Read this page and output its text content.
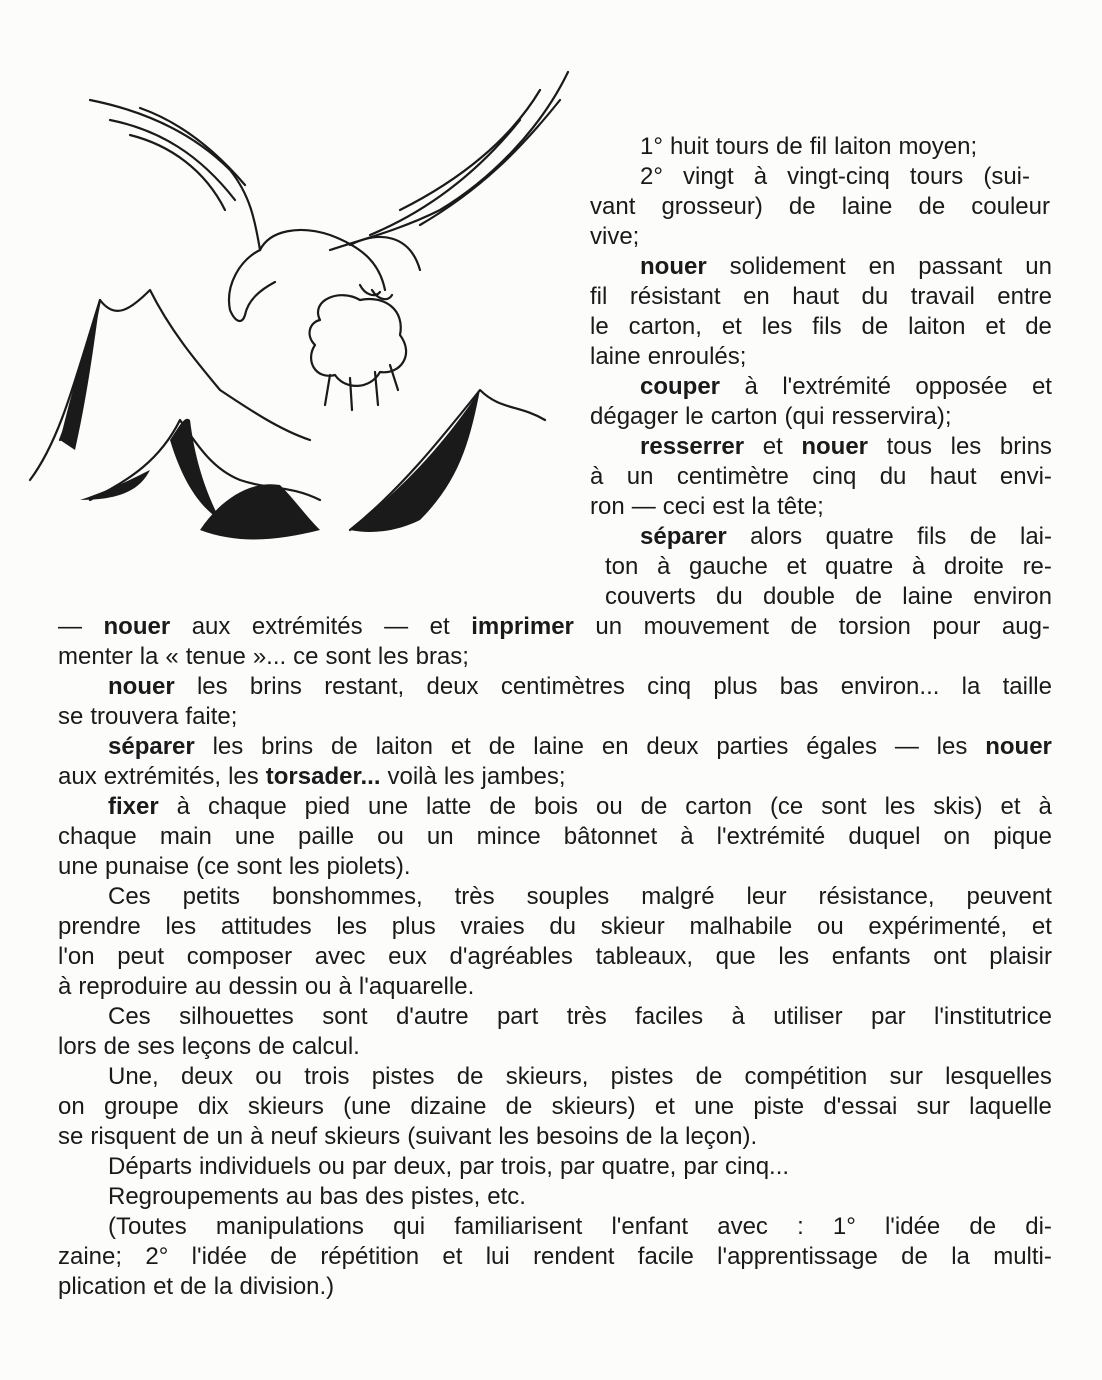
1° huit tours de fil laiton moyen;
2° vingt à vingt-cinq tours (sui-
vant grosseur) de laine de couleur
vive;
nouer solidement en passant un
fil résistant en haut du travail entre
le carton, et les fils de laiton et de
laine enroulés;
couper à l'extrémité opposée et
dégager le carton (qui resservira);
resserrer et nouer tous les brins
à un centimètre cinq du haut envi-
ron — ceci est la tête;
séparer alors quatre fils de lai-
ton à gauche et quatre à droite re-
couverts du double de laine environ
— nouer aux extrémités — et imprimer un mouvement de torsion pour aug-
menter la « tenue »... ce sont les bras;
nouer les brins restant, deux centimètres cinq plus bas environ... la taille
se trouvera faite;
séparer les brins de laiton et de laine en deux parties égales — les nouer
aux extrémités, les torsader... voilà les jambes;
fixer à chaque pied une latte de bois ou de carton (ce sont les skis) et à
chaque main une paille ou un mince bâtonnet à l'extrémité duquel on pique
une punaise (ce sont les piolets).
Ces petits bonshommes, très souples malgré leur résistance, peuvent
prendre les attitudes les plus vraies du skieur malhabile ou expérimenté, et
l'on peut composer avec eux d'agréables tableaux, que les enfants ont plaisir
à reproduire au dessin ou à l'aquarelle.
Ces silhouettes sont d'autre part très faciles à utiliser par l'institutrice
lors de ses leçons de calcul.
Une, deux ou trois pistes de skieurs, pistes de compétition sur lesquelles
on groupe dix skieurs (une dizaine de skieurs) et une piste d'essai sur laquelle
se risquent de un à neuf skieurs (suivant les besoins de la leçon).
Départs individuels ou par deux, par trois, par quatre, par cinq...
Regroupements au bas des pistes, etc.
(Toutes manipulations qui familiarisent l'enfant avec : 1° l'idée de di-
zaine; 2° l'idée de répétition et lui rendent facile l'apprentissage de la multi-
plication et de la division.)
